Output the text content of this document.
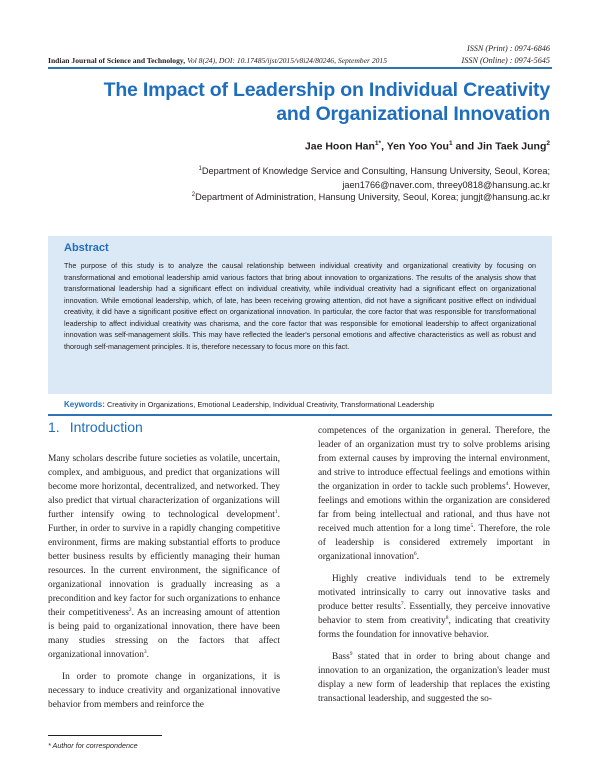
ISSN (Print) : 0974-6846
ISSN (Online) : 0974-5645
Indian Journal of Science and Technology, Vol 8(24), DOI: 10.17485/ijst/2015/v8i24/80246, September 2015
The Impact of Leadership on Individual Creativity
and Organizational Innovation
Jae Hoon Han$^{1*}$, Yen Yoo You$^1$ and Jin Taek Jung$^2$
$^1$Department of Knowledge Service and Consulting, Hansung University, Seoul, Korea;
jaen1766@naver.com, threey0818@hansung.ac.kr
$^2$Department of Administration, Hansung University, Seoul, Korea; jungjt@hansung.ac.kr
Abstract
The purpose of this study is to analyze the causal relationship between individual creativity and organizational creativity by focusing on transformational and emotional leadership amid various factors that bring about innovation to organizations. The results of the analysis show that transformational leadership had a significant effect on individual creativity, while individual creativity had a significant effect on organizational innovation. While emotional leadership, which, of late, has been receiving growing attention, did not have a significant positive effect on individual creativity, it did have a significant positive effect on organizational innovation. In particular, the core factor that was responsible for transformational leadership to affect individual creativity was charisma, and the core factor that was responsible for emotional leadership to affect organizational innovation was self-management skills. This may have reflected the leader's personal emotions and affective characteristics as well as robust and thorough self-management principles. It is, therefore necessary to focus more on this fact.
Keywords: Creativity in Organizations, Emotional Leadership, Individual Creativity, Transformational Leadership
1. Introduction

Many scholars describe future societies as volatile, uncertain, complex, and ambiguous, and predict that organizations will become more horizontal, decentralized, and networked. They also predict that virtual characterization of organizations will further intensify owing to technological development$^1$. Further, in order to survive in a rapidly changing competitive environment, firms are making substantial efforts to produce better business results by efficiently managing their human resources. In the current environment, the significance of organizational innovation is gradually increasing as a precondition and key factor for such organizations to enhance their competitiveness$^2$. As an increasing amount of attention is being paid to organizational innovation, there have been many studies stressing on the factors that affect organizational innovation$^3$.

In order to promote change in organizations, it is necessary to induce creativity and organizational innovative behavior from members and reinforce the

competences of the organization in general. Therefore, the leader of an organization must try to solve problems arising from external causes by improving the internal environment, and strive to introduce effectual feelings and emotions within the organization in order to tackle such problems$^4$. However, feelings and emotions within the organization are considered far from being intellectual and rational, and thus have not received much attention for a long time$^5$. Therefore, the role of leadership is considered extremely important in organizational innovation$^6$.

Highly creative individuals tend to be extremely motivated intrinsically to carry out innovative tasks and produce better results$^7$. Essentially, they perceive innovative behavior to stem from creativity$^8$, indicating that creativity forms the foundation for innovative behavior.

Bass$^9$ stated that in order to bring about change and innovation to an organization, the organization's leader must display a new form of leadership that replaces the existing transactional leadership, and suggested the so-

* Author for correspondence
